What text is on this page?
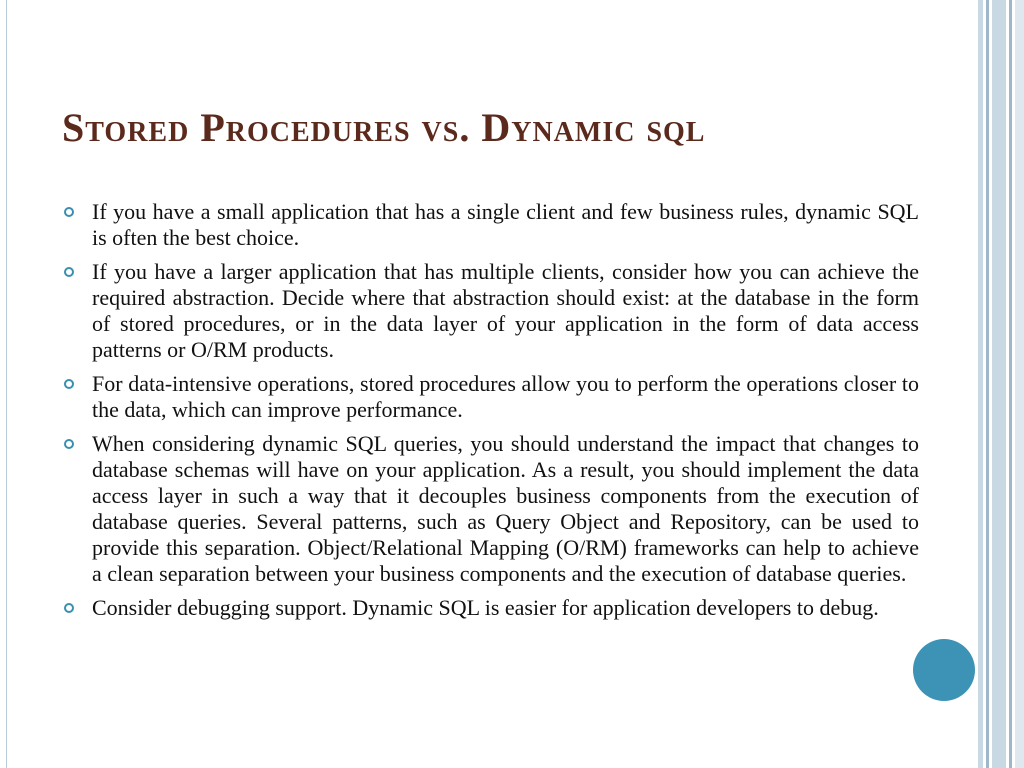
Stored Procedures vs. Dynamic sql
If you have a small application that has a single client and few business rules, dynamic SQL is often the best choice.
If you have a larger application that has multiple clients, consider how you can achieve the required abstraction. Decide where that abstraction should exist: at the database in the form of stored procedures, or in the data layer of your application in the form of data access patterns or O/RM products.
For data-intensive operations, stored procedures allow you to perform the operations closer to the data, which can improve performance.
When considering dynamic SQL queries, you should understand the impact that changes to database schemas will have on your application. As a result, you should implement the data access layer in such a way that it decouples business components from the execution of database queries. Several patterns, such as Query Object and Repository, can be used to provide this separation. Object/Relational Mapping (O/RM) frameworks can help to achieve a clean separation between your business components and the execution of database queries.
Consider debugging support. Dynamic SQL is easier for application developers to debug.
